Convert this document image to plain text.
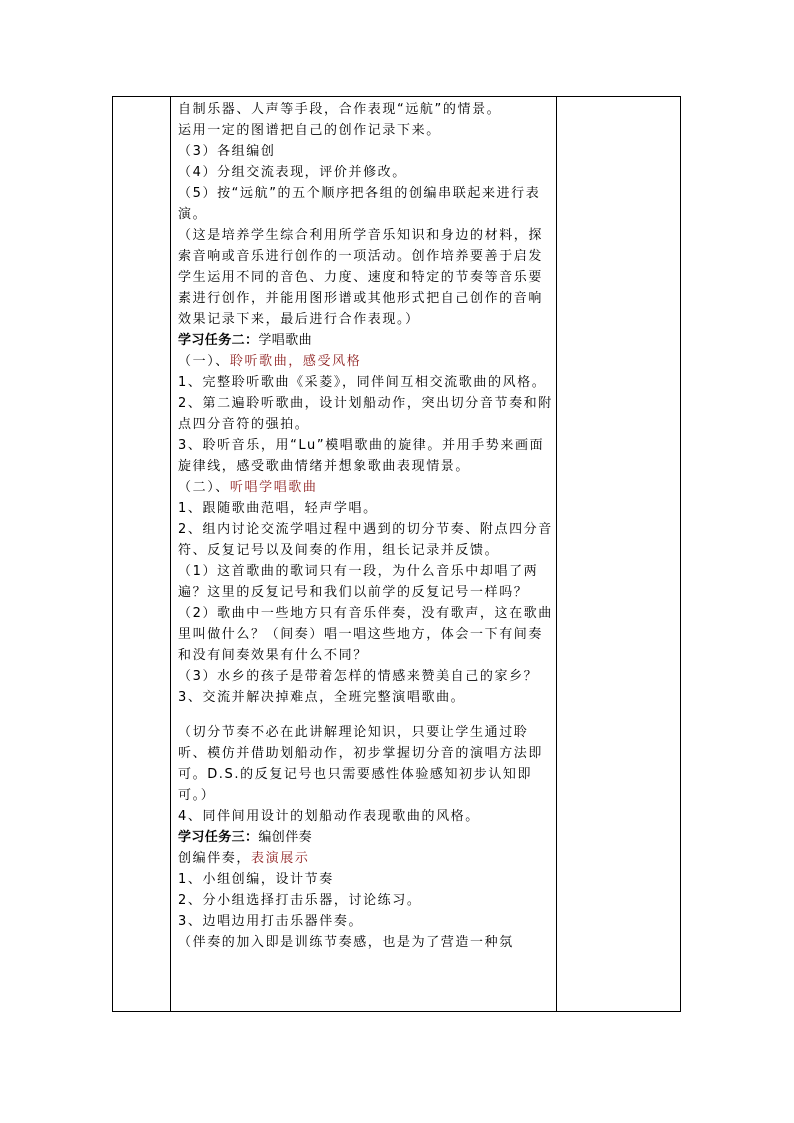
自制乐器、人声等手段，合作表现“远航”的情景。

运用一定的图谱把自己的创作记录下来。

（3）各组编创

（4）分组交流表现，评价并修改。

（5）按“远航”的五个顺序把各组的创编串联起来进行表演。

（这是培养学生综合利用所学音乐知识和身边的材料，探索音响或音乐进行创作的一项活动。创作培养要善于启发学生运用不同的音色、力度、速度和特定的节奏等音乐要素进行创作，并能用图形谱或其他形式把自己创作的音响效果记录下来，最后进行合作表现。）

学习任务二：学唱歌曲

（一）、聆听歌曲，感受风格

1、完整聆听歌曲《采菱》，同伴间互相交流歌曲的风格。

2、第二遍聆听歌曲，设计划船动作，突出切分音节奏和附点四分音符的强拍。

3、聆听音乐，用“Lu”模唱歌曲的旋律。并用手势来画面旋律线，感受歌曲情绪并想象歌曲表现情景。

（二）、听唱学唱歌曲

1、跟随歌曲范唱，轻声学唱。

2、组内讨论交流学唱过程中遇到的切分节奏、附点四分音符、反复记号以及间奏的作用，组长记录并反馈。

（1）这首歌曲的歌词只有一段，为什么音乐中却唱了两遍？这里的反复记号和我们以前学的反复记号一样吗？

（2）歌曲中一些地方只有音乐伴奏，没有歌声，这在歌曲里叫做什么？（间奏）唱一唱这些地方，体会一下有间奏和没有间奏效果有什么不同？

（3）水乡的孩子是带着怎样的情感来赞美自己的家乡？

3、交流并解决掉难点，全班完整演唱歌曲。

（切分节奏不必在此讲解理论知识，只要让学生通过聆听、模仿并借助划船动作，初步掌握切分音的演唱方法即可。D.S.的反复记号也只需要感性体验感知初步认知即可。）

4、同伴间用设计的划船动作表现歌曲的风格。

学习任务三：编创伴奏

创编伴奏，表演展示

1、小组创编，设计节奏

2、分小组选择打击乐器，讨论练习。

3、边唱边用打击乐器伴奏。

（伴奏的加入即是训练节奏感，也是为了营造一种氛
